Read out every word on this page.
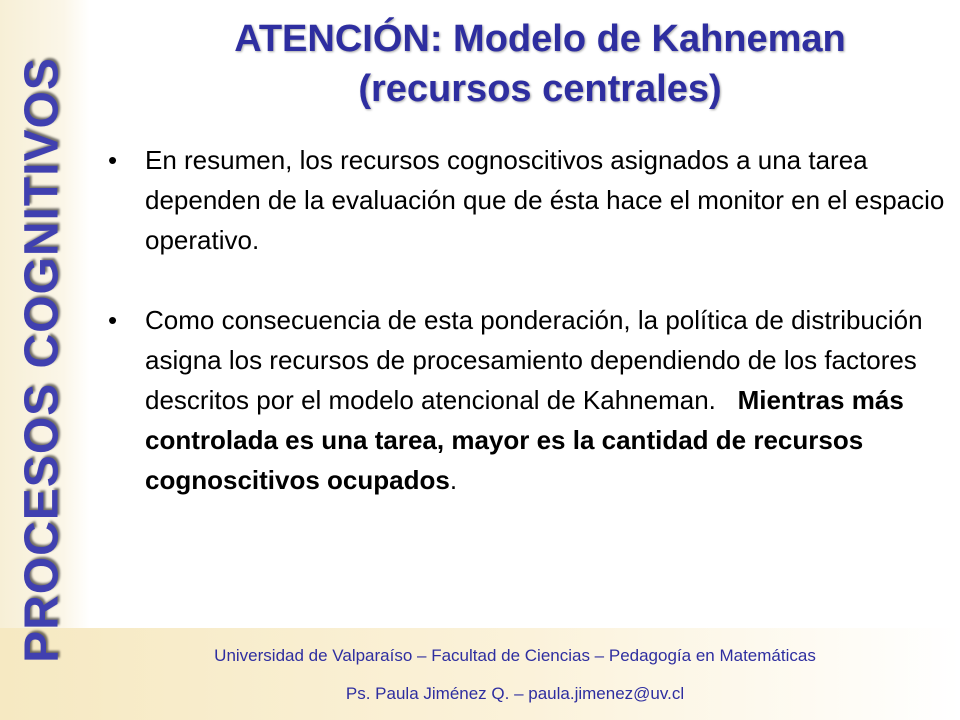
PROCESOS COGNITIVOS
ATENCIÓN: Modelo de Kahneman
(recursos centrales)
• En resumen, los recursos cognoscitivos asignados a una tarea dependen de la evaluación que de ésta hace el monitor en el espacio operativo.
• Como consecuencia de esta ponderación, la política de distribución asigna los recursos de procesamiento dependiendo de los factores descritos por el modelo atencional de Kahneman. Mientras más controlada es una tarea, mayor es la cantidad de recursos cognoscitivos ocupados.
Universidad de Valparaíso – Facultad de Ciencias – Pedagogía en Matemáticas
Ps. Paula Jiménez Q. – paula.jimenez@uv.cl
